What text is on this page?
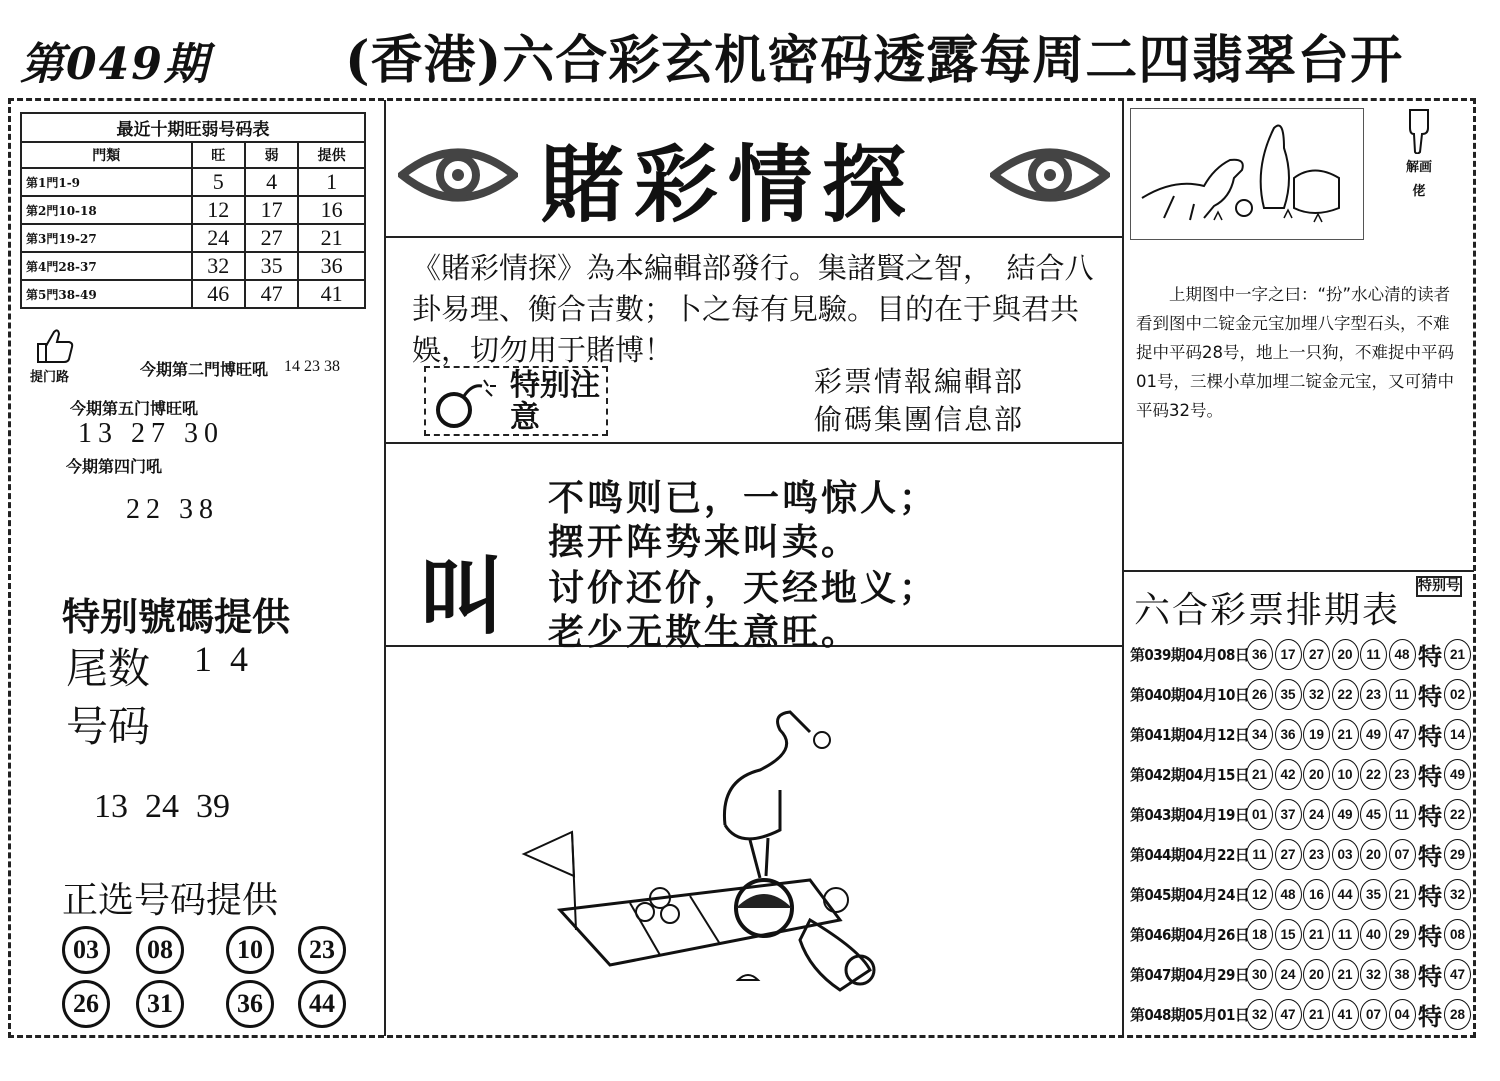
第049期	(香港)六合彩玄机密码透露每周二四翡翠台开
最近十期旺弱号码表
門類	旺	弱	提供
第1門1-9	5	4	1
第2門10-18	12	17	16
第3門19-27	24	27	21
第4門28-37	32	35	36
第5門38-49	46	47	41
提门路	今期第二門博旺吼 14 23 38
今期第五门博旺吼
13 27 30
今期第四门吼
22 38
特别號碼提供
尾数 1  4
号码
13  24  39
正选号码提供
03	08	10	23
26	31	36	44
賭彩情探
《賭彩情探》為本編輯部發行。集諸賢之智，　結合八卦易理、衡合吉數；卜之每有見驗。目的在于與君共娛，切勿用于賭博！
特别注意
彩票情報編輯部
偷碼集團信息部
叫
不鸣则已，一鸣惊人；
摆开阵势来叫卖。
讨价还价，天经地义；
老少无欺生意旺。
解画佬
上期图中一字之曰：“扮”水心清的读者看到图中二锭金元宝加埋八字型石头，不难捉中平码28号，地上一只狗，不难捉中平码01号，三棵小草加埋二锭金元宝，又可猜中平码32号。
六合彩票排期表
特别号
第039期04月08日 36 17 27 20	11	48 特 21
第040期04月10日 26 35 32 22 23	11 特 02
第041期04月12日 34 36 19 21 49 47 特 14
第042期04月15日 21 42 20 10 22 23 特 49
第043期04月19日 01 37 24 49 45	11 特 22
第044期04月22日 11	27 23 03 20 07 特 29
第045期04月24日 12 48 16 44 35 21 特 32
第046期04月26日 18 15 21	11	40 29 特 08
第047期04月29日 30 24 20 21 32 38 特 47
第048期05月01日 32 47 21 41 07 04 特 28
